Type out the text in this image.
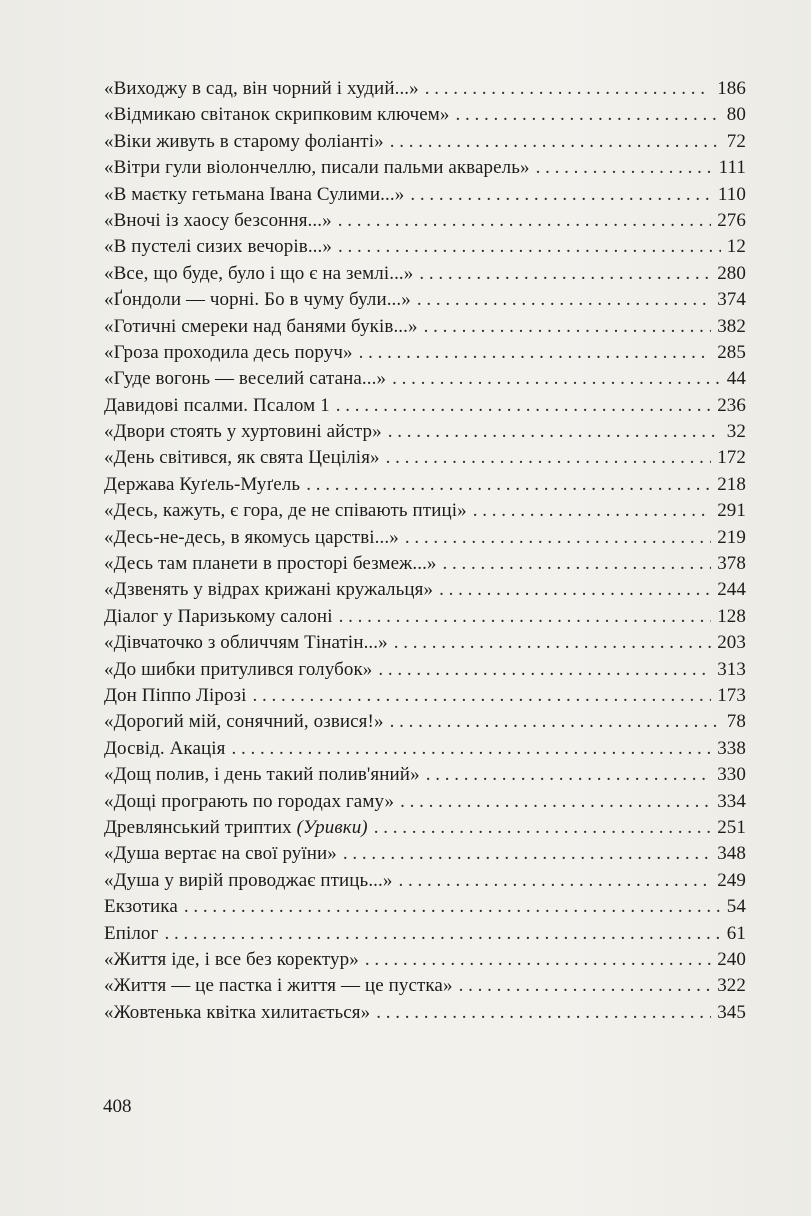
«Виходжу в сад, він чорний і худий...» . . .	186
«Відмикаю світанок скрипковим ключем» . . .	80
«Віки живуть в старому фоліанті» . . .	72
«Вітри гули віолончеллю, писали пальми акварель» . . .	111
«В маєтку гетьмана Івана Сулими...» . . .	110
«Вночі із хаосу безсоння...» . . .	276
«В пустелі сизих вечорів...» . . .	12
«Все, що буде, було і що є на землі...» . . .	280
«Ґондоли — чорні. Бо в чуму були...» . . .	374
«Готичні смереки над банями буків...» . . .	382
«Гроза проходила десь поруч» . . .	285
«Гуде вогонь — веселий сатана...» . . .	44
Давидові псалми. Псалом 1 . . .	236
«Двори стоять у хуртовині айстр» . . .	32
«День світився, як свята Цецілія» . . .	172
Держава Куґель-Муґель . . .	218
«Десь, кажуть, є гора, де не співають птиці» . . .	291
«Десь-не-десь, в якомусь царстві...» . . .	219
«Десь там планети в просторі безмеж...» . . .	378
«Дзвенять у відрах крижані кружальця» . . .	244
Діалог у Паризькому салоні . . .	128
«Дівчаточко з обличчям Тінатін...» . . .	203
«До шибки притулився голубок» . . .	313
Дон Піппо Лірозі . . .	173
«Дорогий мій, сонячний, озвися!» . . .	78
Досвід. Акація . . .	338
«Дощ полив, і день такий полив'яний» . . .	330
«Дощі програють по городах гаму» . . .	334
Древлянський триптих (Уривки) . . .	251
«Душа вертає на свої руїни» . . .	348
«Душа у вирій проводжає птиць...» . . .	249
Екзотика . . .	54
Епілог . . .	61
«Життя іде, і все без коректур» . . .	240
«Життя — це пастка і життя — це пустка» . . .	322
«Жовтенька квітка хилитається» . . .	345
408
